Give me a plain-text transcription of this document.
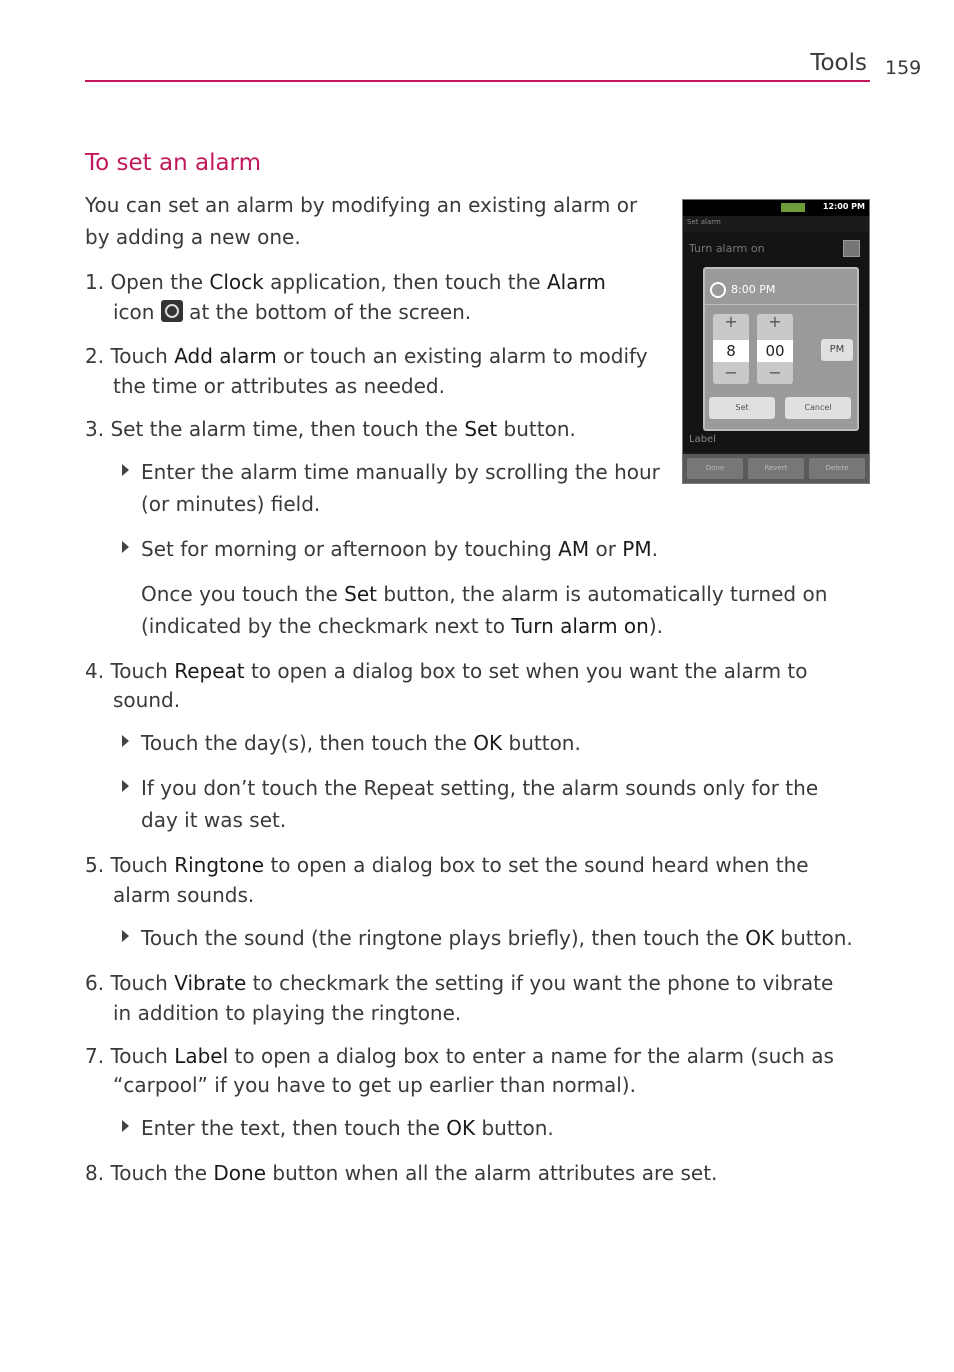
Tools 159
To set an alarm

You can set an alarm by modifying an existing alarm or

by adding a new one.

1. Open the Clock application, then touch the Alarm

icon  at the bottom of the screen.

2. Touch Add alarm or touch an existing alarm to modify

the time or attributes as needed.

3. Set the alarm time, then touch the Set button.

Enter the alarm time manually by scrolling the hour

(or minutes) field.

Set for morning or afternoon by touching AM or PM.

Once you touch the Set button, the alarm is automatically turned on

(indicated by the checkmark next to Turn alarm on).

4. Touch Repeat to open a dialog box to set when you want the alarm to

sound.

Touch the day(s), then touch the OK button.

If you don’t touch the Repeat setting, the alarm sounds only for the

day it was set.

5. Touch Ringtone to open a dialog box to set the sound heard when the

alarm sounds.

Touch the sound (the ringtone plays briefly), then touch the OK button.

6. Touch Vibrate to checkmark the setting if you want the phone to vibrate

in addition to playing the ringtone.

7. Touch Label to open a dialog box to enter a name for the alarm (such as

“carpool” if you have to get up earlier than normal).

Enter the text, then touch the OK button.

8. Touch the Done button when all the alarm attributes are set.

12:00 PM
Set alarm
Turn alarm on
8:00 PM
+
8
−
+
00
−
PM
Set	Cancel
Label
Done	Revert	Delete
